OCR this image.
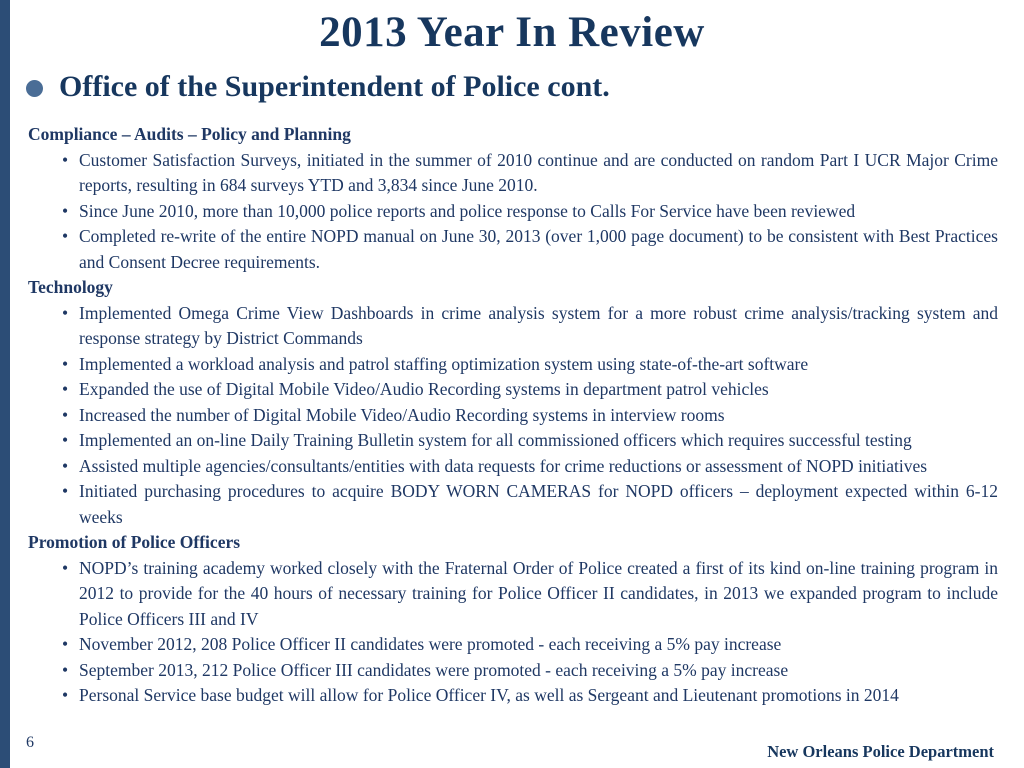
2013 Year In Review
Office of the Superintendent of Police cont.
Compliance – Audits – Policy and Planning
• Customer Satisfaction Surveys, initiated in the summer of 2010 continue and are conducted on random Part I UCR Major Crime reports, resulting in 684 surveys YTD and 3,834 since June 2010.
• Since June 2010, more than 10,000 police reports and police response to Calls For Service have been reviewed
• Completed re-write of the entire NOPD manual on June 30, 2013 (over 1,000 page document) to be consistent with Best Practices and Consent Decree requirements.
Technology
• Implemented Omega Crime View Dashboards in crime analysis system for a more robust crime analysis/tracking system and response strategy by District Commands
• Implemented a workload analysis and patrol staffing optimization system using state-of-the-art software
• Expanded the use of Digital Mobile Video/Audio Recording systems in department patrol vehicles
• Increased the number of Digital Mobile Video/Audio Recording systems in interview rooms
• Implemented an on-line Daily Training Bulletin system for all commissioned officers which requires successful testing
• Assisted multiple agencies/consultants/entities with data requests for crime reductions or assessment of NOPD initiatives
• Initiated purchasing procedures to acquire BODY WORN CAMERAS for NOPD officers – deployment expected within 6-12 weeks
Promotion of Police Officers
• NOPD’s training academy worked closely with the Fraternal Order of Police created a first of its kind on-line training program in 2012 to provide for the 40 hours of necessary training for Police Officer II candidates, in 2013 we expanded program to include Police Officers III and IV
• November 2012, 208 Police Officer II candidates were promoted - each receiving a 5% pay increase
• September 2013, 212 Police Officer III candidates were promoted - each receiving a 5% pay increase
• Personal Service base budget will allow for Police Officer IV, as well as Sergeant and Lieutenant promotions in 2014
6	New Orleans Police Department
